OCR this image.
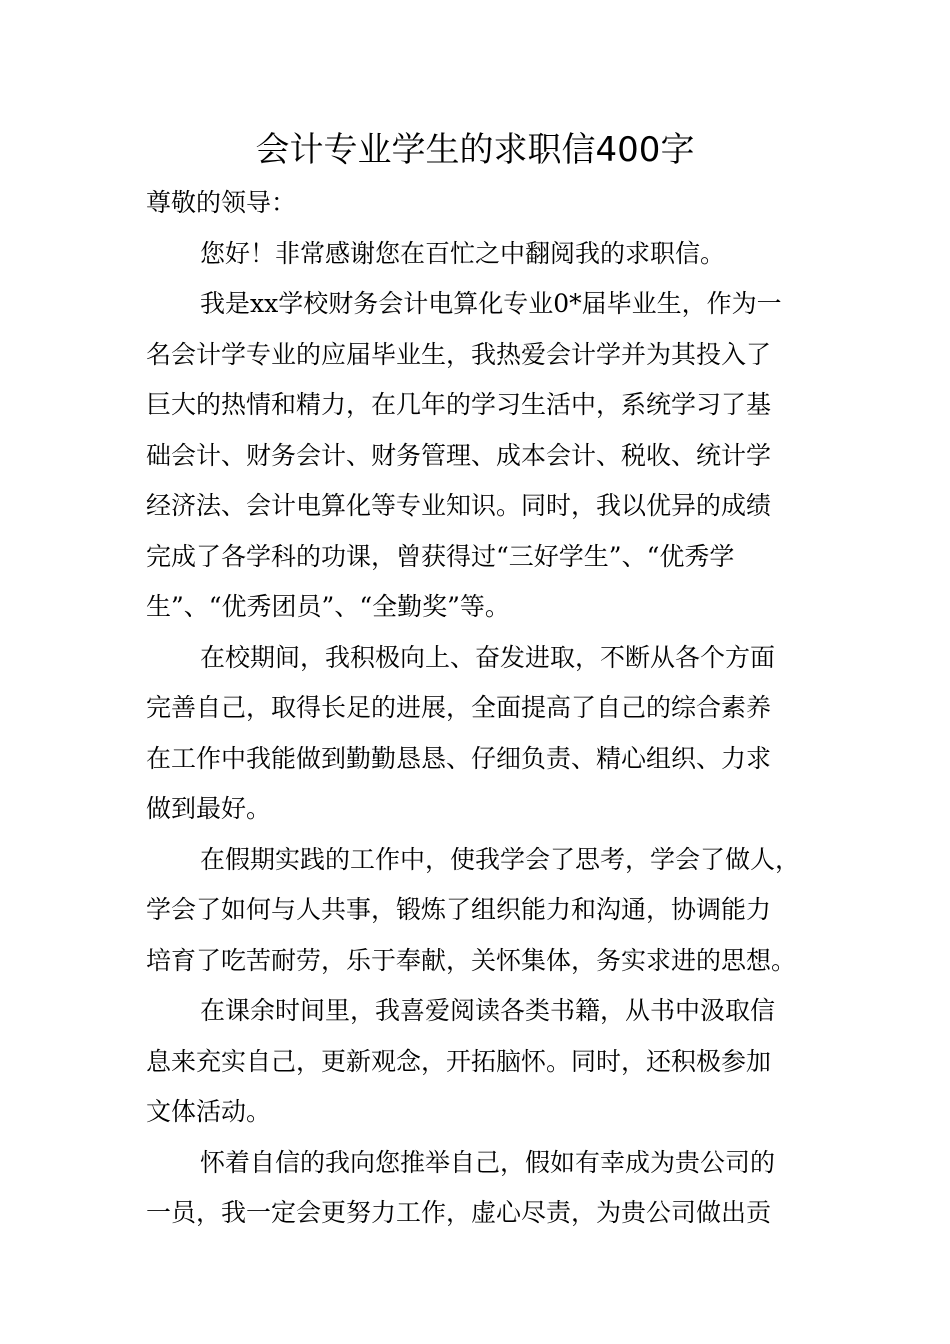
会计专业学生的求职信400字
尊敬的领导：
您好！非常感谢您在百忙之中翻阅我的求职信。
我是xx学校财务会计电算化专业0*届毕业生，作为一
名会计学专业的应届毕业生，我热爱会计学并为其投入了
巨大的热情和精力，在几年的学习生活中，系统学习了基
础会计、财务会计、财务管理、成本会计、税收、统计学
经济法、会计电算化等专业知识。同时，我以优异的成绩
完成了各学科的功课，曾获得过“三好学生”、“优秀学
生”、“优秀团员”、“全勤奖”等。
在校期间，我积极向上、奋发进取，不断从各个方面
完善自己，取得长足的进展，全面提高了自己的综合素养
在工作中我能做到勤勤恳恳、仔细负责、精心组织、力求
做到最好。
在假期实践的工作中，使我学会了思考，学会了做人，
学会了如何与人共事，锻炼了组织能力和沟通，协调能力
培育了吃苦耐劳，乐于奉献，关怀集体，务实求进的思想。
在课余时间里，我喜爱阅读各类书籍，从书中汲取信
息来充实自己，更新观念，开拓脑怀。同时，还积极参加
文体活动。
怀着自信的我向您推举自己，假如有幸成为贵公司的
一员，我一定会更努力工作，虚心尽责，为贵公司做出贡
